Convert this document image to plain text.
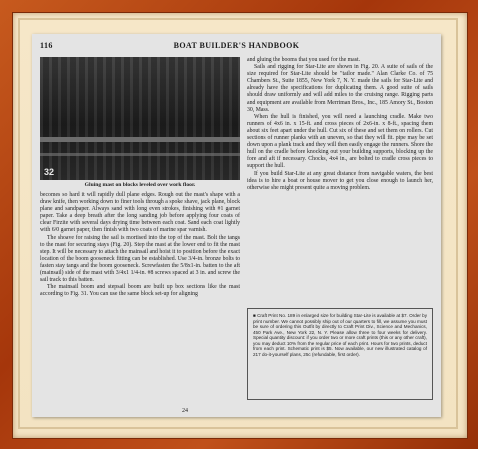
116	BOAT BUILDER'S HANDBOOK
32
Gluing mast on blocks leveled over work floor.

becomes so hard it will rapidly dull plane edges. Rough out the mast's shape with a draw knife, then working down to finer tools through a spoke shave, jack plane, block plane and sandpaper. Always sand with long even strokes, finishing with #1 garnet paper. Take a deep breath after the long sanding job before applying four coats of clear Firzite with several days drying time between each coat. Sand each coat lightly with 6/0 garnet paper, then finish with two coats of marine spar varnish.

The shoave for raising the sail is mortised into the top of the mast. Bolt the tangs to the mast for securing stays (Fig. 20). Step the mast at the lower end to fit the mast step. It will be necessary to attach the mainsail and hoist it to position before the exact location of the boom gooseneck fitting can be established. Use 3/4-in. bronze bolts to fasten stay tangs and the boom gooseneck. Screwfasten the 5/8x1-in. batten to the aft (mainsail) side of the mast with 3/4x1 1/4-in. #8 screws spaced at 3 in. and screw the sail track to this batten.

The mainsail boom and stepsail boom are built up box sections like the mast according to Fig. 31. You can use the same block set-up for aligning

and gluing the booms that you used for the mast.

Sails and rigging for Star-Lite are shown in Fig. 20. A suite of sails of the size required for Star-Lite should be "tailor made." Alan Clarke Co. of 75 Chambers St., Suite 1855, New York 7, N. Y. made the sails for Star-Lite and already have the specifications for duplicating them. A good suite of sails should draw uniformly and will add miles to the cruising range. Rigging parts and equipment are available from Merriman Bros., Inc., 185 Amory St., Boston 30, Mass.

When the hull is finished, you will need a launching cradle. Make two runners of 4x6 in. x 15-ft. and cross pieces of 2x6-in. x 8-ft., spacing them about six feet apart under the hull. Cut six of these and set them on rollers. Cut sections of runner planks with an uneven, so that they will fit. pipe may be set down upon a plank track and they will then easily engage the runners. Shore the hull on the cradle before knocking out your building supports, blocking up the fore and aft if necessary. Chocks, 4x4 in., are bolted to cradle cross pieces to support the hull.

If you build Star-Lite at any great distance from navigable waters, the best idea is to hire a boat or house mover to get you close enough to launch her, otherwise she might present quite a moving problem.

■ Craft Print No. 189 in enlarged size for building Star-Lite is available at $7. Order by print number. We cannot possibly ship out of our quarters to fill, we assume you must be sure of ordering this Outfit by directly to Craft Print Div., Science and Mechanics, 450 Park Ave., New York 22, N. Y. Please allow three to four weeks for delivery. Special quantity discount: if you order two or more craft prints (this or any other craft), you may deduct 10% from the regular price of each print. Hours for two prints, deduct from each print. Schematic print is $5. Now available, our new illustrated catalog of 217 do-it-yourself plans, 25c (refundable, first order).
24
